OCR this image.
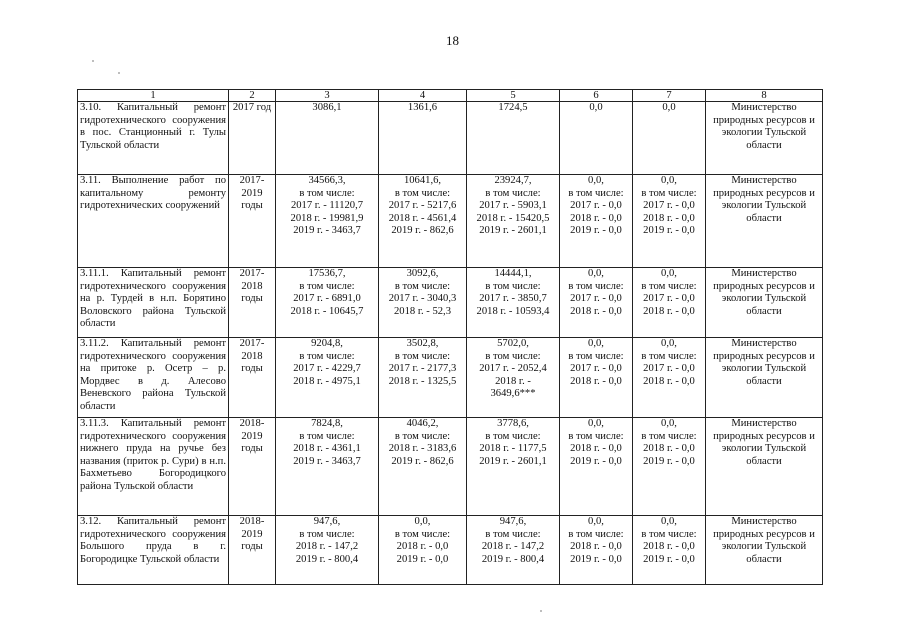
18
1	2	3	4	5	6	7	8
3.10. Капитальный ремонт гидротехнического сооружения в пос. Станционный г. Тулы Тульской области	2017 год	3086,1	1361,6	1724,5	0,0	0,0	Министерство природных ресурсов и экологии Тульской области
3.11. Выполнение работ по капитальному ремонту гидротехнических сооружений	2017-
2019
годы	34566,3,
в том числе:
2017 г. - 11120,7
2018 г. - 19981,9
2019 г. - 3463,7	10641,6,
в том числе:
2017 г. - 5217,6
2018 г. - 4561,4
2019 г. - 862,6	23924,7,
в том числе:
2017 г. - 5903,1
2018 г. - 15420,5
2019 г. - 2601,1	0,0,
в том числе:
2017 г. - 0,0
2018 г. - 0,0
2019 г. - 0,0	0,0,
в том числе:
2017 г. - 0,0
2018 г. - 0,0
2019 г. - 0,0	Министерство природных ресурсов и экологии Тульской области
3.11.1. Капитальный ремонт гидротехнического сооружения на р. Турдей в н.п. Борятино Воловского района Тульской области	2017-
2018
годы	17536,7,
в том числе:
2017 г. - 6891,0
2018 г. - 10645,7	3092,6,
в том числе:
2017 г. - 3040,3
2018 г. - 52,3	14444,1,
в том числе:
2017 г. - 3850,7
2018 г. - 10593,4	0,0,
в том числе:
2017 г. - 0,0
2018 г. - 0,0	0,0,
в том числе:
2017 г. - 0,0
2018 г. - 0,0	Министерство природных ресурсов и экологии Тульской области
3.11.2. Капитальный ремонт гидротехнического сооружения на притоке р. Осетр – р. Мордвес в д. Алесово Веневского района Тульской области	2017-
2018
годы	9204,8,
в том числе:
2017 г. - 4229,7
2018 г. - 4975,1	3502,8,
в том числе:
2017 г. - 2177,3
2018 г. - 1325,5	5702,0,
в том числе:
2017 г. - 2052,4
2018 г. -
3649,6***	0,0,
в том числе:
2017 г. - 0,0
2018 г. - 0,0	0,0,
в том числе:
2017 г. - 0,0
2018 г. - 0,0	Министерство природных ресурсов и экологии Тульской области
3.11.3. Капитальный ремонт гидротехнического сооружения нижнего пруда на ручье без названия (приток р. Сури) в н.п. Бахметьево Богородицкого района Тульской области	2018-
2019
годы	7824,8,
в том числе:
2018 г. - 4361,1
2019 г. - 3463,7	4046,2,
в том числе:
2018 г. - 3183,6
2019 г. - 862,6	3778,6,
в том числе:
2018 г. - 1177,5
2019 г. - 2601,1	0,0,
в том числе:
2018 г. - 0,0
2019 г. - 0,0	0,0,
в том числе:
2018 г. - 0,0
2019 г. - 0,0	Министерство природных ресурсов и экологии Тульской области
3.12. Капитальный ремонт гидротехнического сооружения Большого пруда в г. Богородицке Тульской области	2018-
2019
годы	947,6,
в том числе:
2018 г. - 147,2
2019 г. - 800,4	0,0,
в том числе:
2018 г. - 0,0
2019 г. - 0,0	947,6,
в том числе:
2018 г. - 147,2
2019 г. - 800,4	0,0,
в том числе:
2018 г. - 0,0
2019 г. - 0,0	0,0,
в том числе:
2018 г. - 0,0
2019 г. - 0,0	Министерство природных ресурсов и экологии Тульской области
